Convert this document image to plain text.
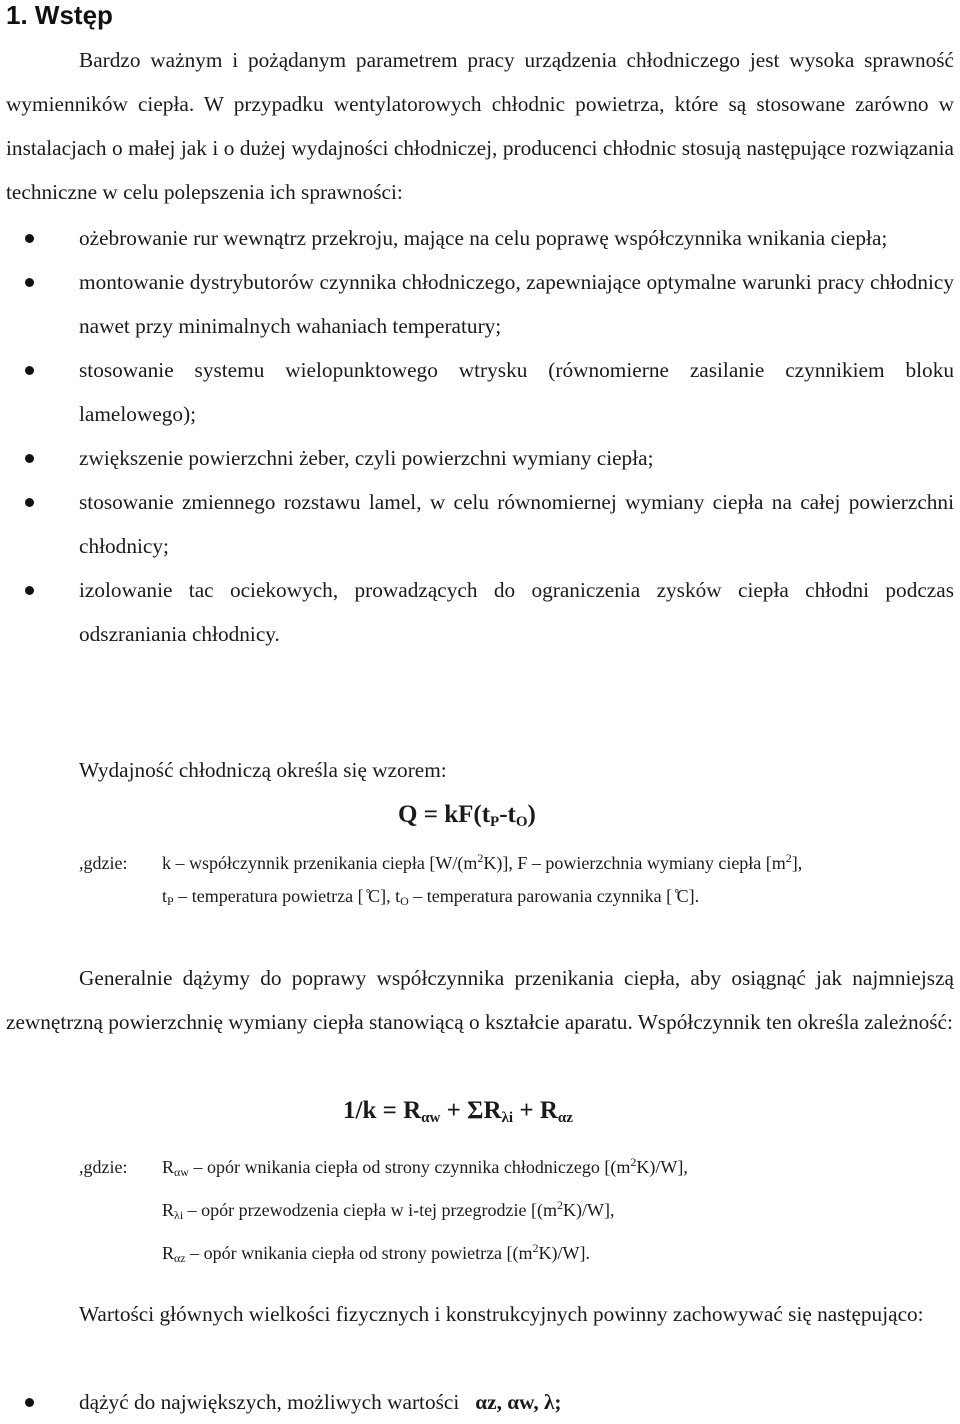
1. Wstęp

Bardzo ważnym i pożądanym parametrem pracy urządzenia chłodniczego jest wysoka sprawność wymienników ciepła. W przypadku wentylatorowych chłodnic powietrza, które są stosowane zarówno w instalacjach o małej jak i o dużej wydajności chłodniczej, producenci chłodnic stosują następujące rozwiązania techniczne w celu polepszenia ich sprawności:

ożebrowanie rur wewnątrz przekroju, mające na celu poprawę współczynnika wnikania ciepła;
montowanie dystrybutorów czynnika chłodniczego, zapewniające optymalne warunki pracy chłodnicy nawet przy minimalnych wahaniach temperatury;
stosowanie systemu wielopunktowego wtrysku (równomierne zasilanie czynnikiem bloku lamelowego);
zwiększenie powierzchni żeber, czyli powierzchni wymiany ciepła;
stosowanie zmiennego rozstawu lamel, w celu równomiernej wymiany ciepła na całej powierzchni chłodnicy;
izolowanie tac ociekowych, prowadzących do ograniczenia zysków ciepła chłodni podczas odszraniania chłodnicy.
Wydajność chłodniczą określa się wzorem:
$Q = kF(t_P-t_O)$
,gdzie: k – współczynnik przenikania ciepła $[W/(m^2K)]$, F – powierzchnia wymiany ciepła $[m^2]$,
$t_P$ – temperatura powietrza [ ̊C], $t_O$ – temperatura parowania czynnika [ ̊C].

Generalnie dążymy do poprawy współczynnika przenikania ciepła, aby osiągnąć jak najmniejszą zewnętrzną powierzchnię wymiany ciepła stanowiącą o kształcie aparatu. Współczynnik ten określa zależność:

$1/k = R_{\alpha w} + \Sigma R_{\lambda i} + R_{\alpha z}$
,gdzie: $R_{\alpha w}$ – opór wnikania ciepła od strony czynnika chłodniczego $[(m^2K)/W]$,
$R_{\lambda i}$ – opór przewodzenia ciepła w i-tej przegrodzie $[(m^2K)/W]$,
$R_{\alpha z}$ – opór wnikania ciepła od strony powietrza $[(m^2K)/W]$.

Wartości głównych wielkości fizycznych i konstrukcyjnych powinny zachowywać się następująco:

dążyć do największych, możliwych wartości αz, αw, λ;
